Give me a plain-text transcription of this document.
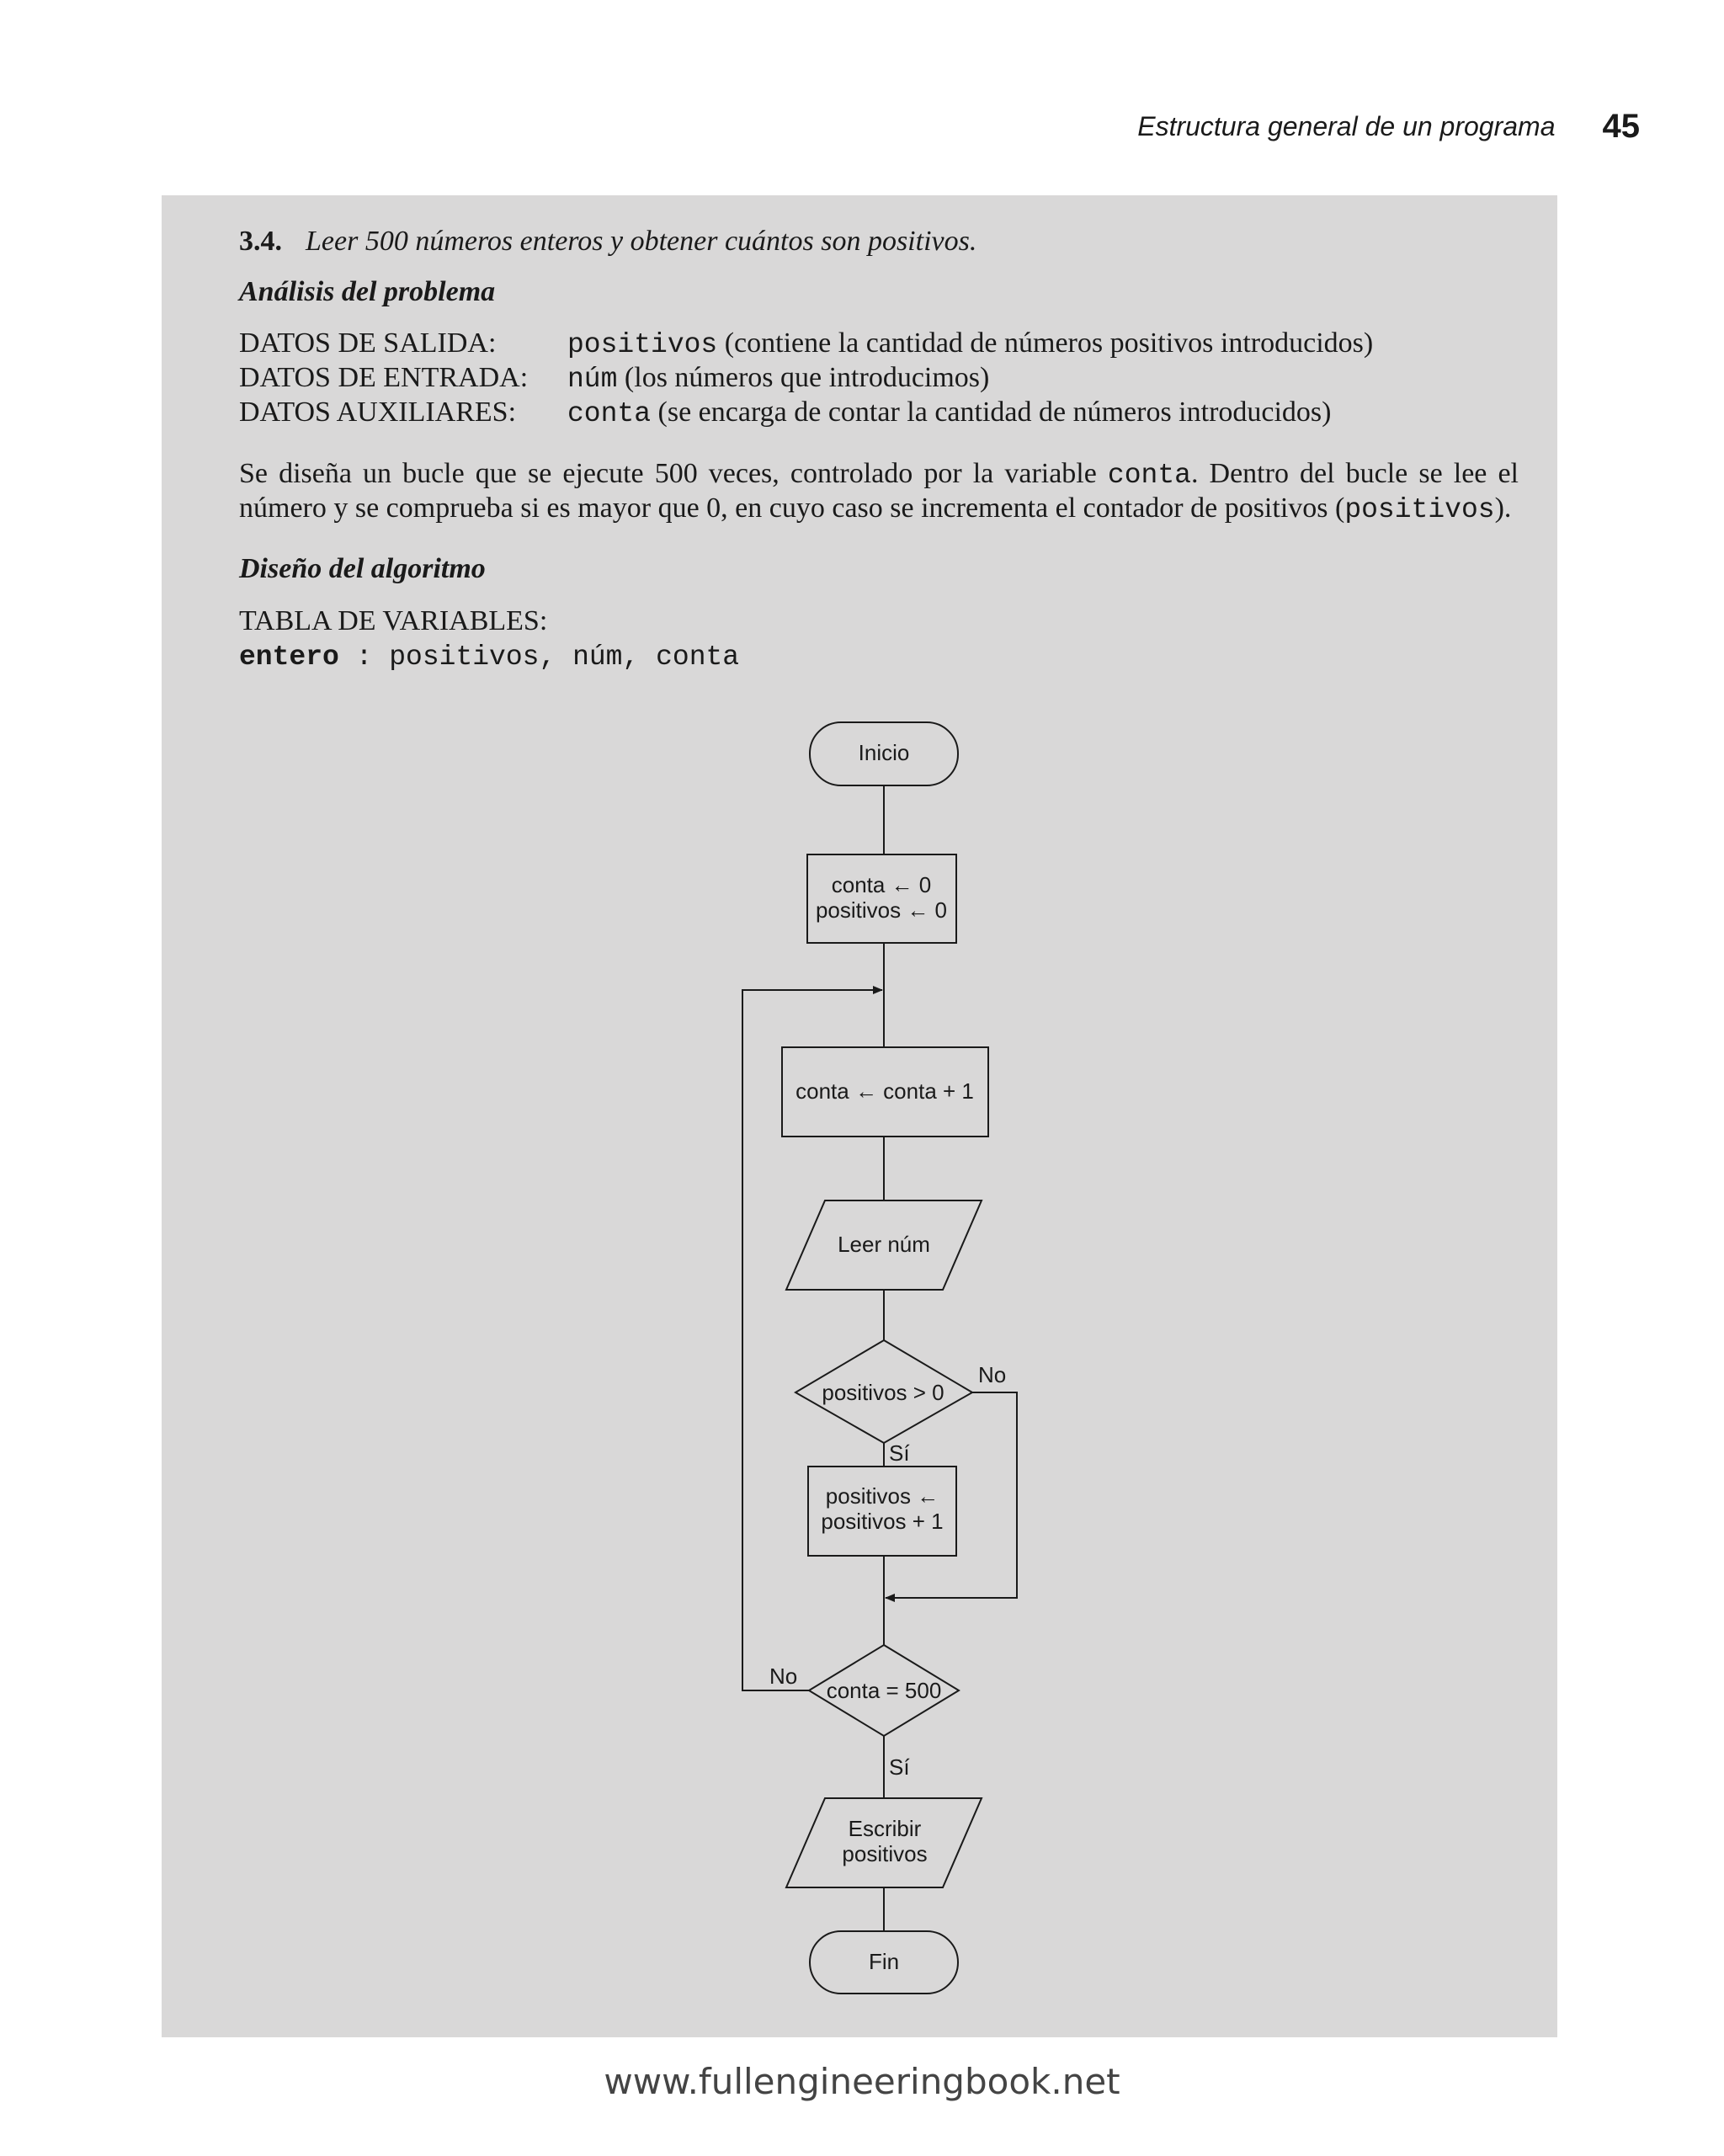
Estructura general de un programa 45

3.4. Leer 500 números enteros y obtener cuántos son positivos.

Análisis del problema

DATOS DE SALIDA:	positivos (contiene la cantidad de números positivos introducidos)
DATOS DE ENTRADA:	núm (los números que introducimos)
DATOS AUXILIARES:	conta (se encarga de contar la cantidad de números introducidos)

Se diseña un bucle que se ejecute 500 veces, controlado por la variable conta. Dentro del bucle se lee el número y se comprueba si es mayor que 0, en cuyo caso se incrementa el contador de positivos (positivos).

Diseño del algoritmo

TABLA DE VARIABLES:

entero : positivos, núm, conta
Inicio
conta ← 0
positivos ← 0
conta ← conta + 1
Leer núm
positivos > 0
positivos ←
positivos + 1
conta = 500
Escribir
positivos
Fin
No
Sí
No
Sí
www.fullengineeringbook.net
